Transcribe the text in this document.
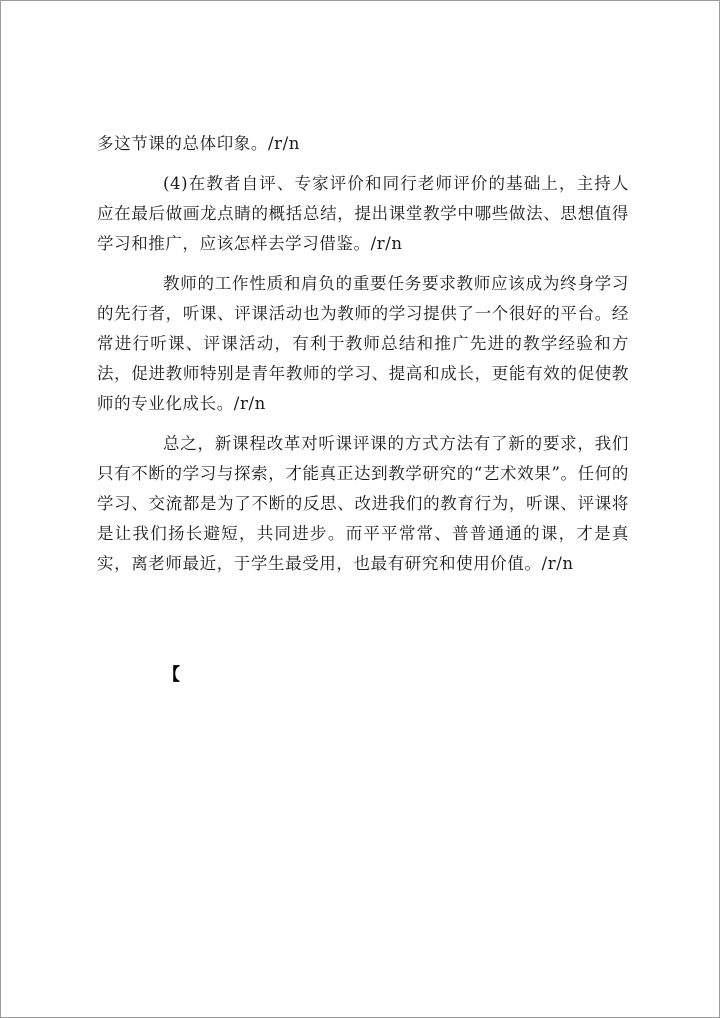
多这节课的总体印象。/r/n

(4)在教者自评、专家评价和同行老师评价的基础上，主持人应在最后做画龙点睛的概括总结，提出课堂教学中哪些做法、思想值得学习和推广，应该怎样去学习借鉴。/r/n

教师的工作性质和肩负的重要任务要求教师应该成为终身学习的先行者，听课、评课活动也为教师的学习提供了一个很好的平台。经常进行听课、评课活动，有利于教师总结和推广先进的教学经验和方法，促进教师特别是青年教师的学习、提高和成长，更能有效的促使教师的专业化成长。/r/n

总之，新课程改革对听课评课的方式方法有了新的要求，我们只有不断的学习与探索，才能真正达到教学研究的“艺术效果”。任何的学习、交流都是为了不断的反思、改进我们的教育行为，听课、评课将是让我们扬长避短，共同进步。而平平常常、普普通通的课，才是真实，离老师最近，于学生最受用，也最有研究和使用价值。/r/n

【
